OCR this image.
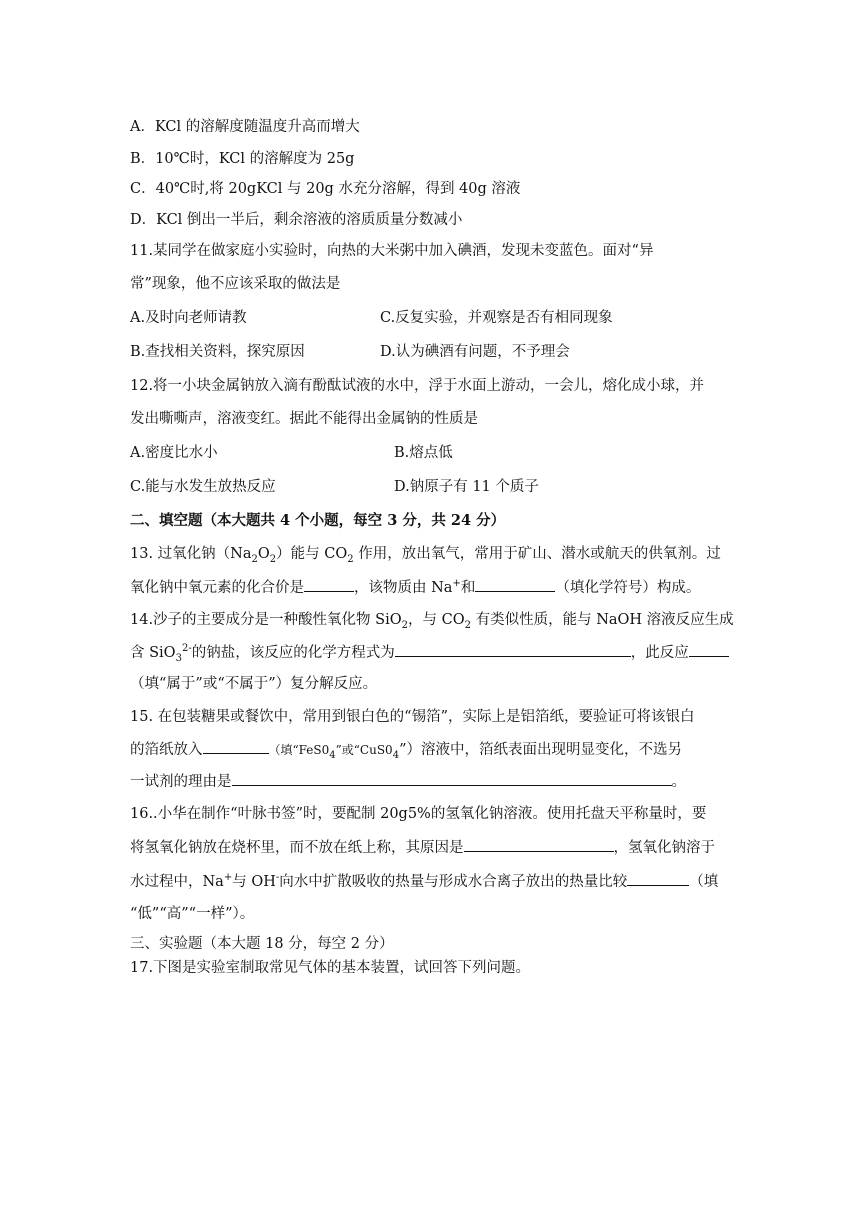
A．KCl 的溶解度随温度升高而增大
B．10℃时，KCl 的溶解度为 25g
C．40℃时,将 20gKCl 与 20g 水充分溶解，得到 40g 溶液
D．KCl 倒出一半后，剩余溶液的溶质质量分数减小
11.某同学在做家庭小实验时，向热的大米粥中加入碘酒，发现未变蓝色。面对“异
常”现象，他不应该采取的做法是
A.及时向老师请教	C.反复实验，并观察是否有相同现象
B.查找相关资料，探究原因	D.认为碘酒有问题，不予理会
12.将一小块金属钠放入滴有酚酞试液的水中，浮于水面上游动，一会儿，熔化成小球，并
发出嘶嘶声，溶液变红。据此不能得出金属钠的性质是
A.密度比水小	B.熔点低
C.能与水发生放热反应	D.钠原子有 11 个质子
二、填空题（本大题共 4 个小题，每空 3 分，共 24 分）
13. 过氧化钠$(Na_2O_2)$能与 $CO_2$ 作用，放出氧气，常用于矿山、潜水或航天的供氧剂。过
氧化钠中氧元素的化合价是	，该物质由 Na+和	（填化学符号）构成。
14.沙子的主要成分是一种酸性氧化物 SiO$_2$，与 $CO_2$ 有类似性质，能与 NaOH 溶液反应生成
含 SiO$_3^{2-}$的钠盐，该反应的化学方程式为	，此反应
（填“属于”或“不属于”）复分解反应。
15. 在包装糖果或餐饮中，常用到银白色的“锡箔”，实际上是铝箔纸，要验证可将该银白
的箔纸放入	（填“$FeS0_4$”或“$CuS0_4$”）溶液中，箔纸表面出现明显变化，不选另
一试剂的理由是	。
16..小华在制作“叶脉书签”时，要配制 20g5%的氢氧化钠溶液。使用托盘天平称量时，要
将氢氧化钠放在烧杯里，而不放在纸上称，其原因是	，氢氧化钠溶于
水过程中，Na+与 OH-向水中扩散吸收的热量与形成水合离子放出的热量比较	（填
“低”“高”“一样”）。
三、实验题（本大题 18 分，每空 2 分）
17.下图是实验室制取常见气体的基本装置，试回答下列问题。
